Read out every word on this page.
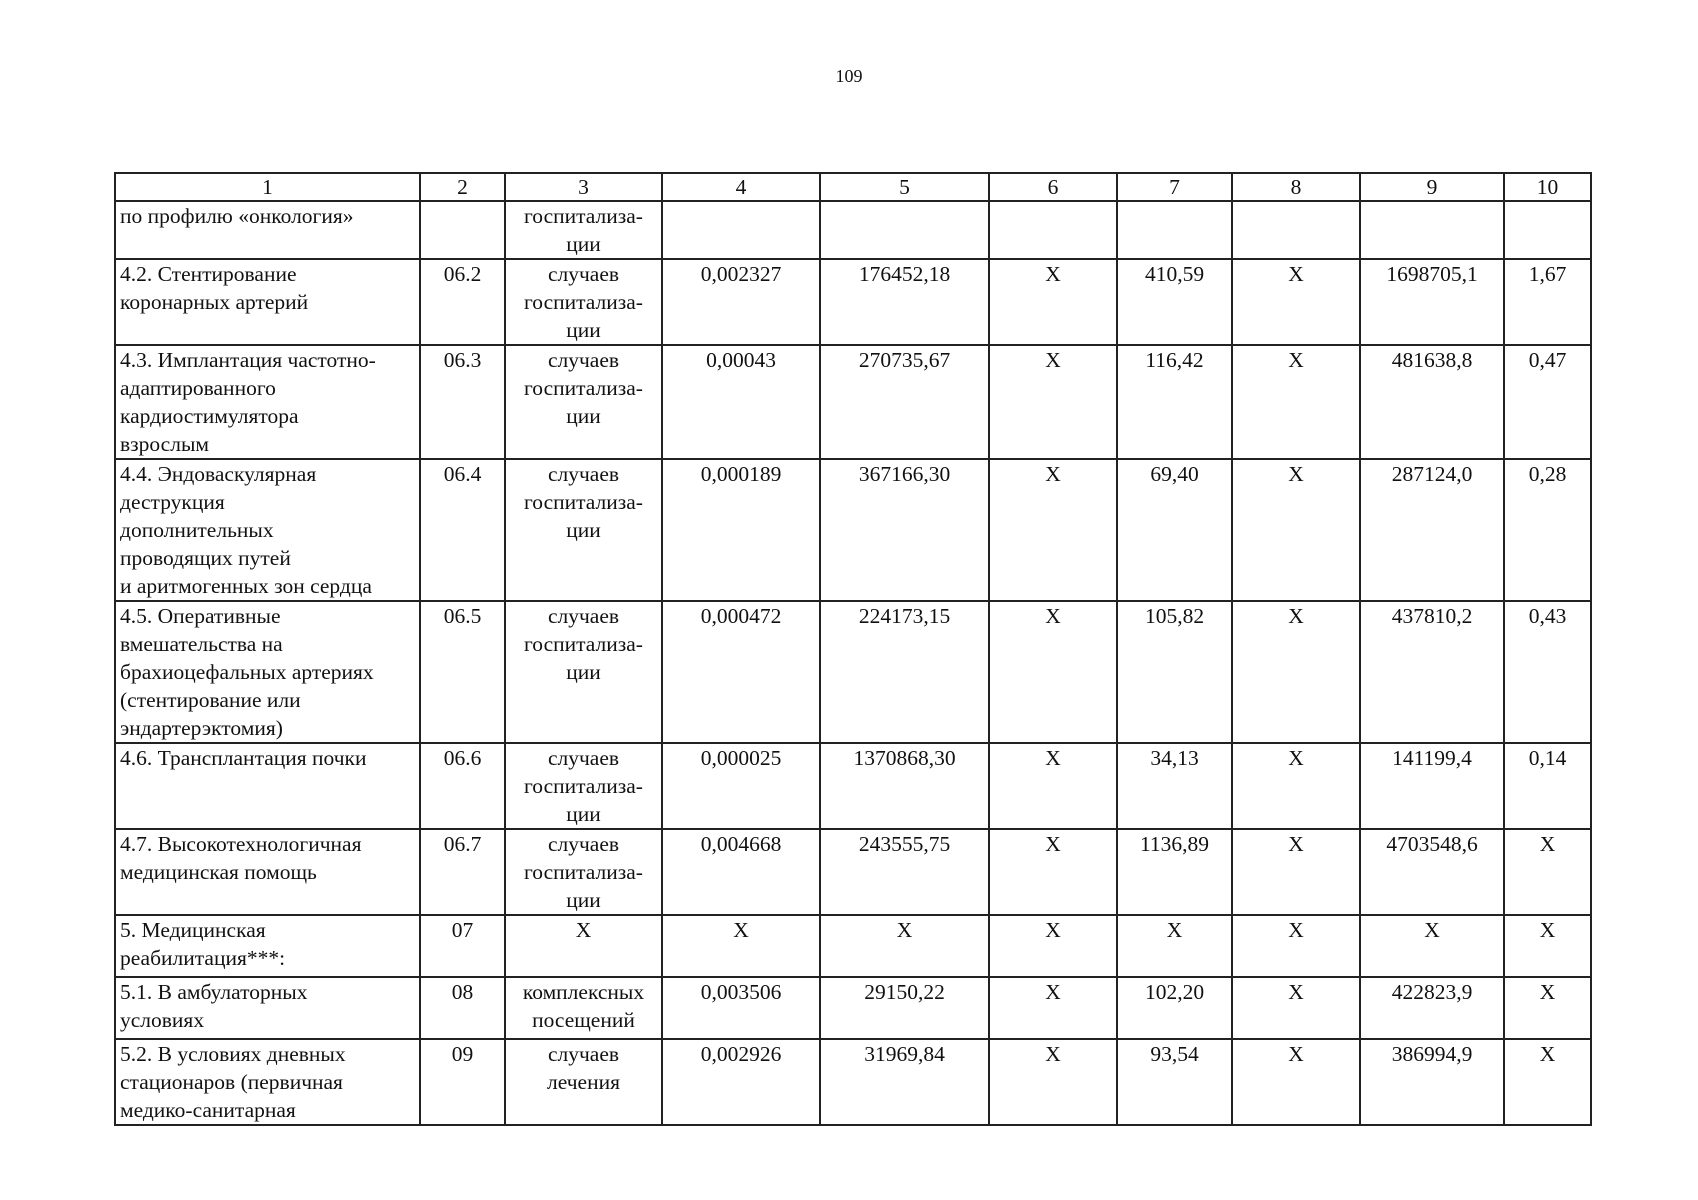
109
1	2	3	4	5	6	7	8	9	10
по профилю «онкология»		госпитализа-
ции							
4.2. Стентирование
коронарных артерий	06.2	случаев
госпитализа-
ции	0,002327	176452,18	Х	410,59	Х	1698705,1	1,67
4.3. Имплантация частотно-
адаптированного
кардиостимулятора
взрослым	06.3	случаев
госпитализа-
ции	0,00043	270735,67	Х	116,42	Х	481638,8	0,47
4.4. Эндоваскулярная
деструкция
дополнительных
проводящих путей
и аритмогенных зон сердца	06.4	случаев
госпитализа-
ции	0,000189	367166,30	Х	69,40	Х	287124,0	0,28
4.5. Оперативные
вмешательства на
брахиоцефальных артериях
(стентирование или
эндартерэктомия)	06.5	случаев
госпитализа-
ции	0,000472	224173,15	Х	105,82	Х	437810,2	0,43
4.6. Трансплантация почки	06.6	случаев
госпитализа-
ции	0,000025	1370868,30	Х	34,13	Х	141199,4	0,14
4.7. Высокотехнологичная
медицинская помощь	06.7	случаев
госпитализа-
ции	0,004668	243555,75	Х	1136,89	Х	4703548,6	Х
5. Медицинская
реабилитация***:	07	Х	Х	Х	Х	Х	Х	Х	Х
5.1. В амбулаторных
условиях	08	комплексных
посещений	0,003506	29150,22	Х	102,20	Х	422823,9	Х
5.2. В условиях дневных
стационаров (первичная
медико-санитарная	09	случаев
лечения	0,002926	31969,84	Х	93,54	Х	386994,9	Х
